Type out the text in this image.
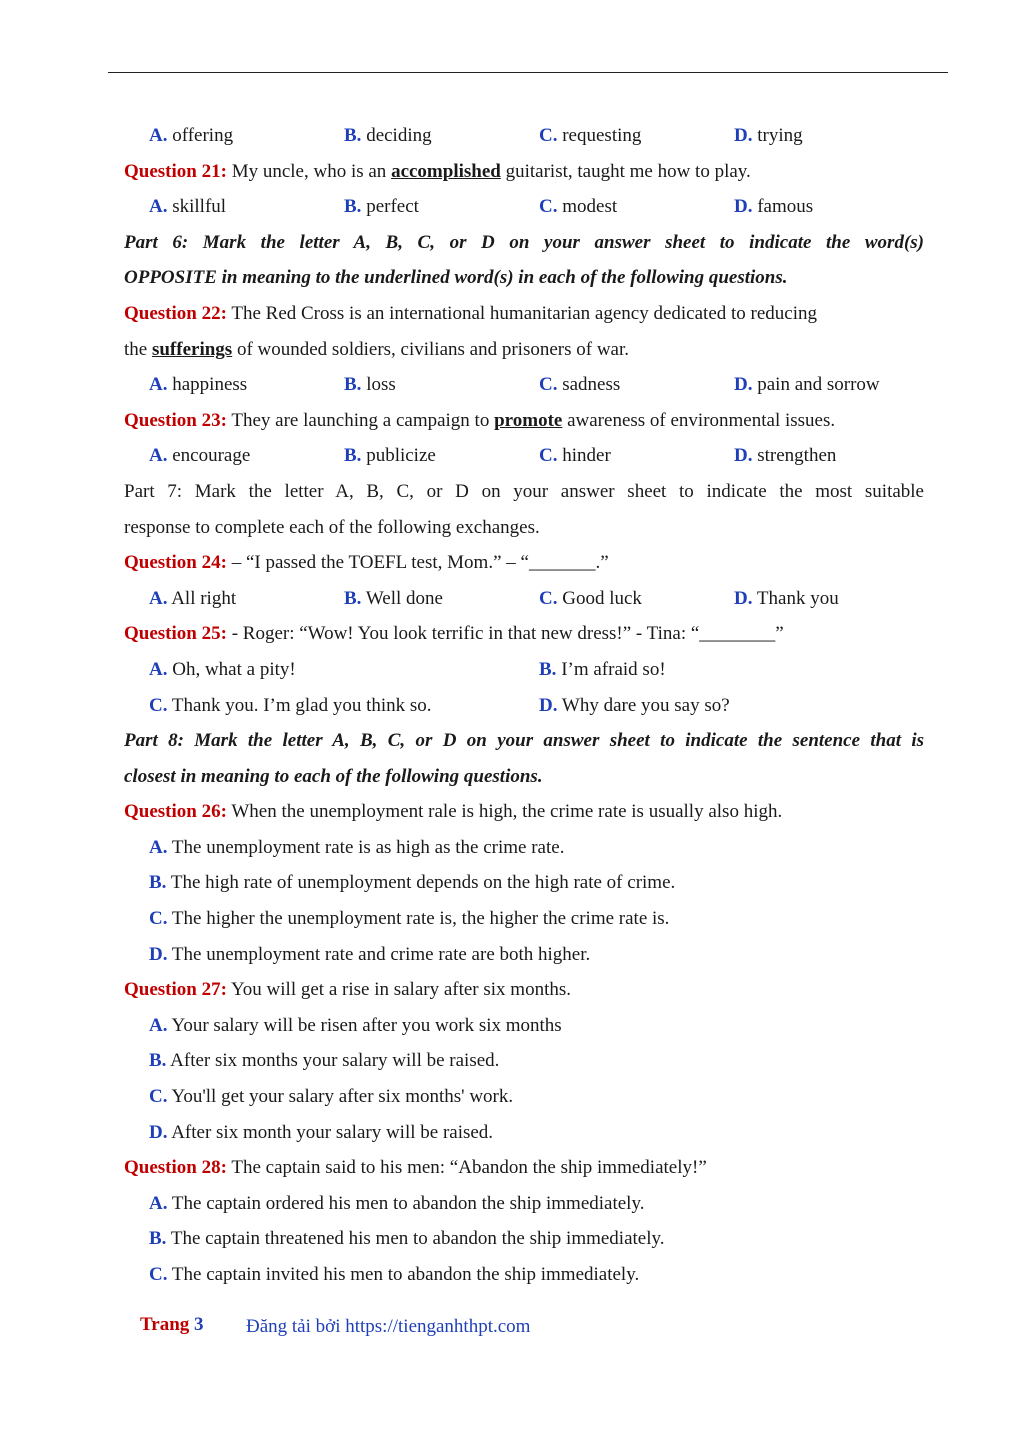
A. offering	B. deciding	C. requesting	D. trying
Question 21: My uncle, who is an accomplished guitarist, taught me how to play.
A. skillful	B. perfect	C. modest	D. famous
Part 6: Mark the letter A, B, C, or D on your answer sheet to indicate the word(s)
OPPOSITE in meaning to the underlined word(s) in each of the following questions.
Question 22: The Red Cross is an international humanitarian agency dedicated to reducing
the sufferings of wounded soldiers, civilians and prisoners of war.
A. happiness	B. loss	C. sadness	D. pain and sorrow
Question 23: They are launching a campaign to promote awareness of environmental issues.
A. encourage	B. publicize	C. hinder	D. strengthen
Part 7: Mark the letter A, B, C, or D on your answer sheet to indicate the most suitable
response to complete each of the following exchanges.
Question 24: – “I passed the TOEFL test, Mom.” – “_______.”
A. All right	B. Well done	C. Good luck	D. Thank you
Question 25: - Roger: “Wow! You look terrific in that new dress!” - Tina: “________”
A. Oh, what a pity!	B. I’m afraid so!
C. Thank you. I’m glad you think so.	D. Why dare you say so?
Part 8: Mark the letter A, B, C, or D on your answer sheet to indicate the sentence that is
closest in meaning to each of the following questions.
Question 26: When the unemployment rale is high, the crime rate is usually also high.
A. The unemployment rate is as high as the crime rate.
B. The high rate of unemployment depends on the high rate of crime.
C. The higher the unemployment rate is, the higher the crime rate is.
D. The unemployment rate and crime rate are both higher.
Question 27: You will get a rise in salary after six months.
A. Your salary will be risen after you work six months
B. After six months your salary will be raised.
C. You'll get your salary after six months' work.
D. After six month your salary will be raised.
Question 28: The captain said to his men: “Abandon the ship immediately!”
A. The captain ordered his men to abandon the ship immediately.
B. The captain threatened his men to abandon the ship immediately.
C. The captain invited his men to abandon the ship immediately.
Trang 3 Đăng tải bởi https://tienganhthpt.com
